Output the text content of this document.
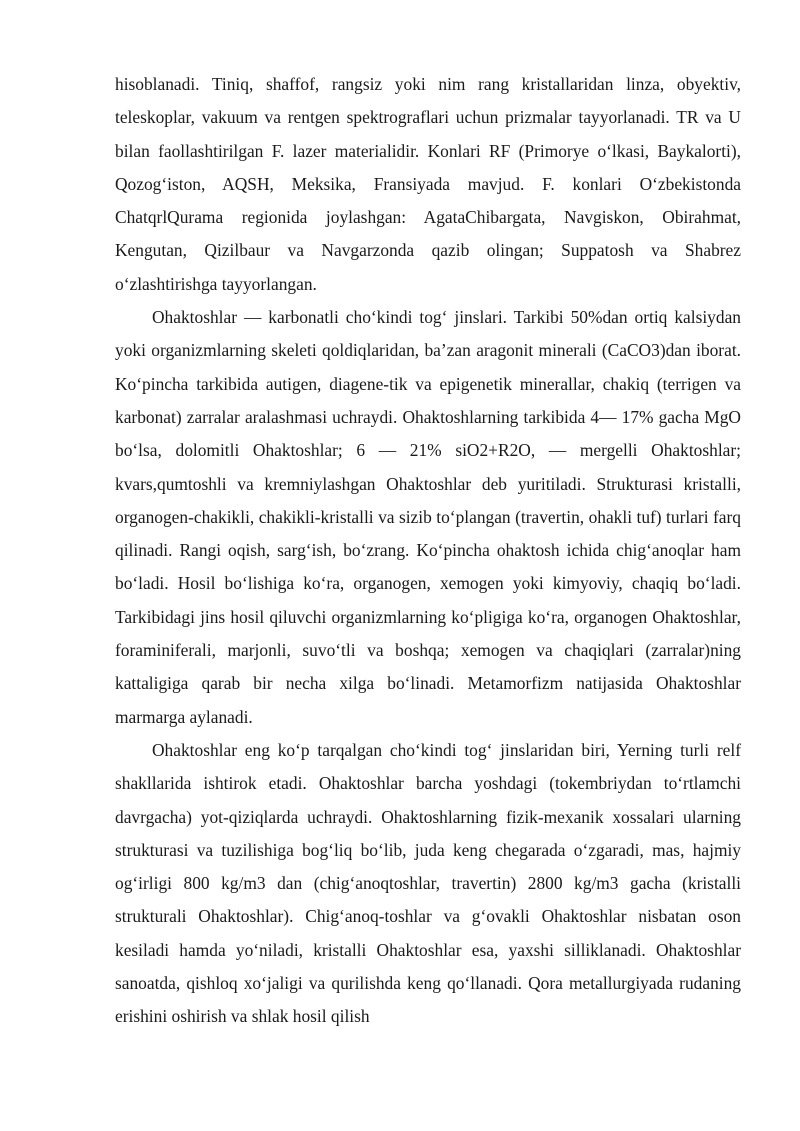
hisoblanadi. Tiniq, shaffof, rangsiz yoki nim rang kristallaridan linza, obyektiv, teleskoplar, vakuum va rentgen spektrograflari uchun prizmalar tayyorlanadi. TR va U bilan faollashtirilgan F. lazer materialidir. Konlari RF (Primorye o‘lkasi, Baykalorti), Qozog‘iston, AQSH, Meksika, Fransiyada mavjud. F. konlari O‘zbekistonda ChatqrlQurama regionida joylashgan: AgataChibargata, Navgiskon, Obirahmat, Kengutan, Qizilbaur va Navgarzonda qazib olingan; Suppatosh va Shabrez o‘zlashtirishga tayyorlangan.

Ohaktoshlar — karbonatli cho‘kindi tog‘ jinslari. Tarkibi 50%dan ortiq kalsiydan yoki organizmlarning skeleti qoldiqlaridan, ba’zan aragonit minerali (CaCO3)dan iborat. Ko‘pincha tarkibida autigen, diagene-tik va epigenetik minerallar, chakiq (terrigen va karbonat) zarralar aralashmasi uchraydi. Ohaktoshlarning tarkibida 4— 17% gacha MgO bo‘lsa, dolomitli Ohaktoshlar; 6 — 21% siO2+R2O, — mergelli Ohaktoshlar; kvars,qumtoshli va kremniylashgan Ohaktoshlar deb yuritiladi. Strukturasi kristalli, organogen-chakikli, chakikli-kristalli va sizib to‘plangan (travertin, ohakli tuf) turlari farq qilinadi. Rangi oqish, sarg‘ish, bo‘zrang. Ko‘pincha ohaktosh ichida chig‘anoqlar ham bo‘ladi. Hosil bo‘lishiga ko‘ra, organogen, xemogen yoki kimyoviy, chaqiq bo‘ladi. Tarkibidagi jins hosil qiluvchi organizmlarning ko‘pligiga ko‘ra, organogen Ohaktoshlar, foraminiferali, marjonli, suvo‘tli va boshqa; xemogen va chaqiqlari (zarralar)ning kattaligiga qarab bir necha xilga bo‘linadi. Metamorfizm natijasida Ohaktoshlar marmarga aylanadi.

Ohaktoshlar eng ko‘p tarqalgan cho‘kindi tog‘ jinslaridan biri, Yerning turli relf shakllarida ishtirok etadi. Ohaktoshlar barcha yoshdagi (tokembriydan to‘rtlamchi davrgacha) yot-qiziqlarda uchraydi. Ohaktoshlarning fizik-mexanik xossalari ularning strukturasi va tuzilishiga bog‘liq bo‘lib, juda keng chegarada o‘zgaradi, mas, hajmiy og‘irligi 800 kg/m3 dan (chig‘anoqtoshlar, travertin) 2800 kg/m3 gacha (kristalli strukturali Ohaktoshlar). Chig‘anoq-toshlar va g‘ovakli Ohaktoshlar nisbatan oson kesiladi hamda yo‘niladi, kristalli Ohaktoshlar esa, yaxshi silliklanadi. Ohaktoshlar sanoatda, qishloq xo‘jaligi va qurilishda keng qo‘llanadi. Qora metallurgiyada rudaning erishini oshirish va shlak hosil qilish
